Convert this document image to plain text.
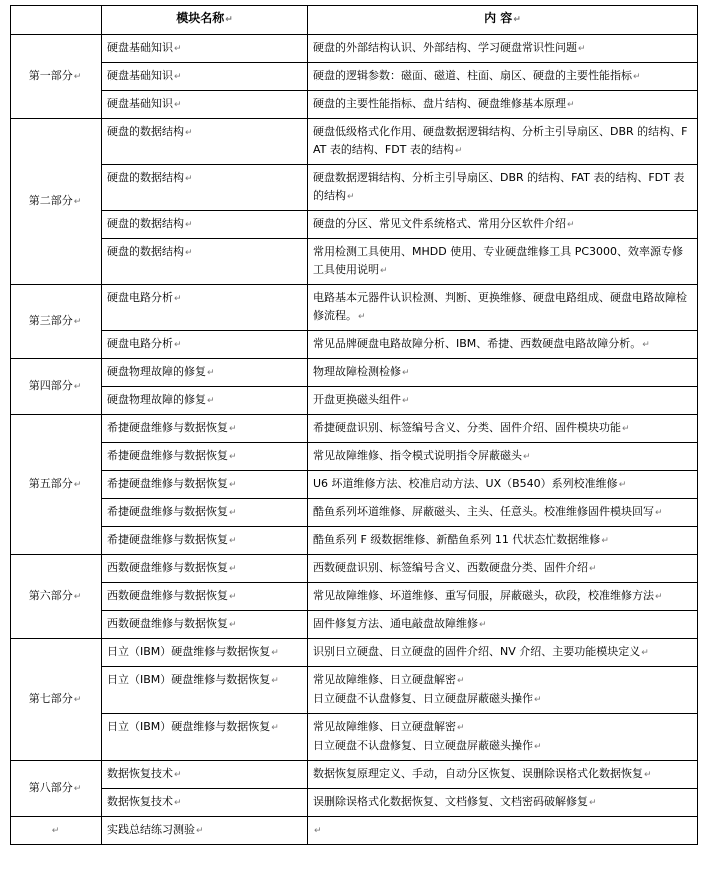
	模块名称↵	内 容↵
第一部分↵	硬盘基础知识↵	硬盘的外部结构认识、外部结构、学习硬盘常识性问题↵

	硬盘基础知识↵	硬盘的逻辑参数：磁面、磁道、柱面、扇区、硬盘的主要性能指标↵

	硬盘基础知识↵	硬盘的主要性能指标、盘片结构、硬盘维修基本原理↵

第二部分↵	硬盘的数据结构↵	硬盘低级格式化作用、硬盘数据逻辑结构、分析主引导扇区、DBR 的结构、FAT 表的结构、FDT 表的结构↵

	硬盘的数据结构↵	硬盘数据逻辑结构、分析主引导扇区、DBR 的结构、FAT 表的结构、FDT 表的结构↵

	硬盘的数据结构↵	硬盘的分区、常见文件系统格式、常用分区软件介绍↵

	硬盘的数据结构↵	常用检测工具使用、MHDD 使用、专业硬盘维修工具 PC3000、效率源专修工具使用说明↵

第三部分↵	硬盘电路分析↵	电路基本元器件认识检测、判断、更换维修、硬盘电路组成、硬盘电路故障检修流程。↵

	硬盘电路分析↵	常见品牌硬盘电路故障分析、IBM、希捷、西数硬盘电路故障分析。↵

第四部分↵	硬盘物理故障的修复↵	物理故障检测检修↵

	硬盘物理故障的修复↵	开盘更换磁头组件↵

第五部分↵	希捷硬盘维修与数据恢复↵	希捷硬盘识别、标签编号含义、分类、固件介绍、固件模块功能↵

	希捷硬盘维修与数据恢复↵	常见故障维修、指令模式说明指令屏蔽磁头↵

	希捷硬盘维修与数据恢复↵	U6 坏道维修方法、校准启动方法、UX（B540）系列校准维修↵

	希捷硬盘维修与数据恢复↵	酷鱼系列坏道维修、屏蔽磁头、主头、任意头。校准维修固件模块回写↵

	希捷硬盘维修与数据恢复↵	酷鱼系列 F 级数据维修、新酷鱼系列 11 代状态忙数据维修↵

第六部分↵	西数硬盘维修与数据恢复↵	西数硬盘识别、标签编号含义、西数硬盘分类、固件介绍↵

	西数硬盘维修与数据恢复↵	常见故障维修、坏道维修、重写伺服，屏蔽磁头，砍段，校准维修方法↵

	西数硬盘维修与数据恢复↵	固件修复方法、通电敲盘故障维修↵

第七部分↵	日立（IBM）硬盘维修与数据恢复↵	识别日立硬盘、日立硬盘的固件介绍、NV 介绍、主要功能模块定义↵

	日立（IBM）硬盘维修与数据恢复↵	常见故障维修、日立硬盘解密↵
日立硬盘不认盘修复、日立硬盘屏蔽磁头操作↵

	日立（IBM）硬盘维修与数据恢复↵	常见故障维修、日立硬盘解密↵
日立硬盘不认盘修复、日立硬盘屏蔽磁头操作↵

第八部分↵	数据恢复技术↵	数据恢复原理定义、手动，自动分区恢复、误删除误格式化数据恢复↵

	数据恢复技术↵	误删除误格式化数据恢复、文档修复、文档密码破解修复↵

↵	实践总结练习测验↵	↵
